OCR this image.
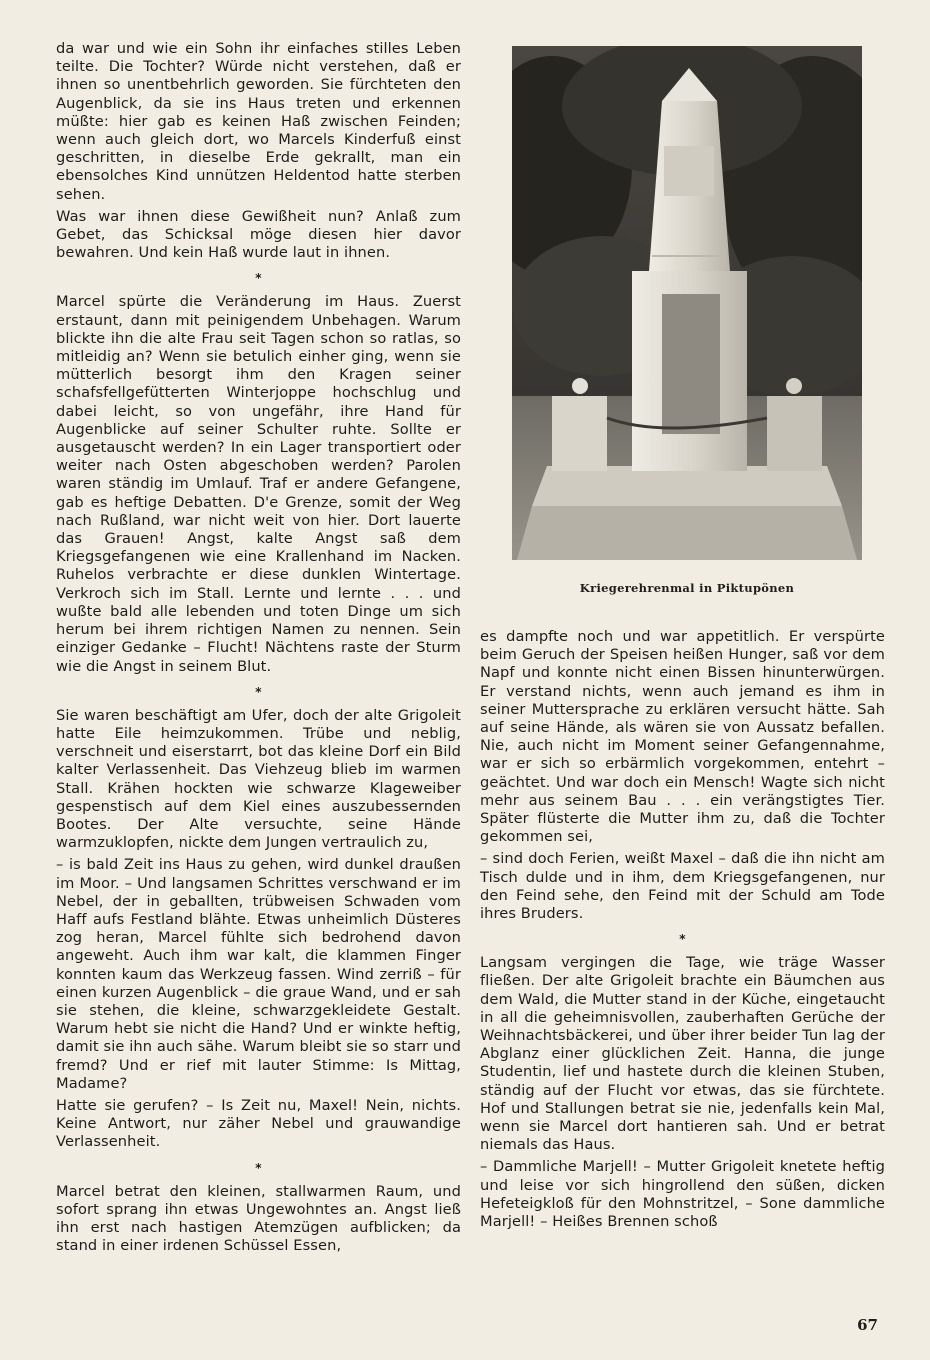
da war und wie ein Sohn ihr einfaches stilles Leben teilte. Die Tochter? Würde nicht verstehen, daß er ihnen so unentbehrlich geworden. Sie fürchteten den Augenblick, da sie ins Haus treten und erkennen müßte: hier gab es keinen Haß zwischen Feinden; wenn auch gleich dort, wo Marcels Kinderfuß einst geschritten, in dieselbe Erde gekrallt, man ein ebensolches Kind unnützen Heldentod hatte sterben sehen.

Was war ihnen diese Gewißheit nun? Anlaß zum Gebet, das Schicksal möge diesen hier davor bewahren. Und kein Haß wurde laut in ihnen.

*

Marcel spürte die Veränderung im Haus. Zuerst erstaunt, dann mit peinigendem Unbehagen. Warum blickte ihn die alte Frau seit Tagen schon so ratlas, so mitleidig an? Wenn sie betulich einher ging, wenn sie mütterlich besorgt ihm den Kragen seiner schafsfellgefütterten Winterjoppe hochschlug und dabei leicht, so von ungefähr, ihre Hand für Augenblicke auf seiner Schulter ruhte. Sollte er ausgetauscht werden? In ein Lager transportiert oder weiter nach Osten abgeschoben werden? Parolen waren ständig im Umlauf. Traf er andere Gefangene, gab es heftige Debatten. D'e Grenze, somit der Weg nach Rußland, war nicht weit von hier. Dort lauerte das Grauen! Angst, kalte Angst saß dem Kriegsgefangenen wie eine Krallenhand im Nacken. Ruhelos verbrachte er diese dunklen Wintertage. Verkroch sich im Stall. Lernte und lernte . . . und wußte bald alle lebenden und toten Dinge um sich herum bei ihrem richtigen Namen zu nennen. Sein einziger Gedanke – Flucht! Nächtens raste der Sturm wie die Angst in seinem Blut.

*

Sie waren beschäftigt am Ufer, doch der alte Grigoleit hatte Eile heimzukommen. Trübe und neblig, verschneit und eiserstarrt, bot das kleine Dorf ein Bild kalter Verlassenheit. Das Viehzeug blieb im warmen Stall. Krähen hockten wie schwarze Klageweiber gespenstisch auf dem Kiel eines auszubessernden Bootes. Der Alte versuchte, seine Hände warmzuklopfen, nickte dem Jungen vertraulich zu,

– is bald Zeit ins Haus zu gehen, wird dunkel draußen im Moor. – Und langsamen Schrittes verschwand er im Nebel, der in geballten, trübweisen Schwaden vom Haff aufs Festland blähte. Etwas unheimlich Düsteres zog heran, Marcel fühlte sich bedrohend davon angeweht. Auch ihm war kalt, die klammen Finger konnten kaum das Werkzeug fassen. Wind zerriß – für einen kurzen Augenblick – die graue Wand, und er sah sie stehen, die kleine, schwarzgekleidete Gestalt. Warum hebt sie nicht die Hand? Und er winkte heftig, damit sie ihn auch sähe. Warum bleibt sie so starr und fremd? Und er rief mit lauter Stimme: Is Mittag, Madame?

Hatte sie gerufen? – Is Zeit nu, Maxel! Nein, nichts. Keine Antwort, nur zäher Nebel und grauwandige Verlassenheit.

*

Marcel betrat den kleinen, stallwarmen Raum, und sofort sprang ihn etwas Ungewohntes an. Angst ließ ihn erst nach hastigen Atemzügen aufblicken; da stand in einer irdenen Schüssel Essen,

Kriegerehrenmal in Piktupönen

es dampfte noch und war appetitlich. Er verspürte beim Geruch der Speisen heißen Hunger, saß vor dem Napf und konnte nicht einen Bissen hinunterwürgen. Er verstand nichts, wenn auch jemand es ihm in seiner Muttersprache zu erklären versucht hätte. Sah auf seine Hände, als wären sie von Aussatz befallen. Nie, auch nicht im Moment seiner Gefangennahme, war er sich so erbärmlich vorgekommen, entehrt – geächtet. Und war doch ein Mensch! Wagte sich nicht mehr aus seinem Bau . . . ein verängstigtes Tier. Später flüsterte die Mutter ihm zu, daß die Tochter gekommen sei,

– sind doch Ferien, weißt Maxel – daß die ihn nicht am Tisch dulde und in ihm, dem Kriegsgefangenen, nur den Feind sehe, den Feind mit der Schuld am Tode ihres Bruders.

*

Langsam vergingen die Tage, wie träge Wasser fließen. Der alte Grigoleit brachte ein Bäumchen aus dem Wald, die Mutter stand in der Küche, eingetaucht in all die geheimnisvollen, zauberhaften Gerüche der Weihnachtsbäckerei, und über ihrer beider Tun lag der Abglanz einer glücklichen Zeit. Hanna, die junge Studentin, lief und hastete durch die kleinen Stuben, ständig auf der Flucht vor etwas, das sie fürchtete. Hof und Stallungen betrat sie nie, jedenfalls kein Mal, wenn sie Marcel dort hantieren sah. Und er betrat niemals das Haus.

– Dammliche Marjell! – Mutter Grigoleit knetete heftig und leise vor sich hingrollend den süßen, dicken Hefeteigkloß für den Mohnstritzel, – Sone dammliche Marjell! – Heißes Brennen schoß

67
